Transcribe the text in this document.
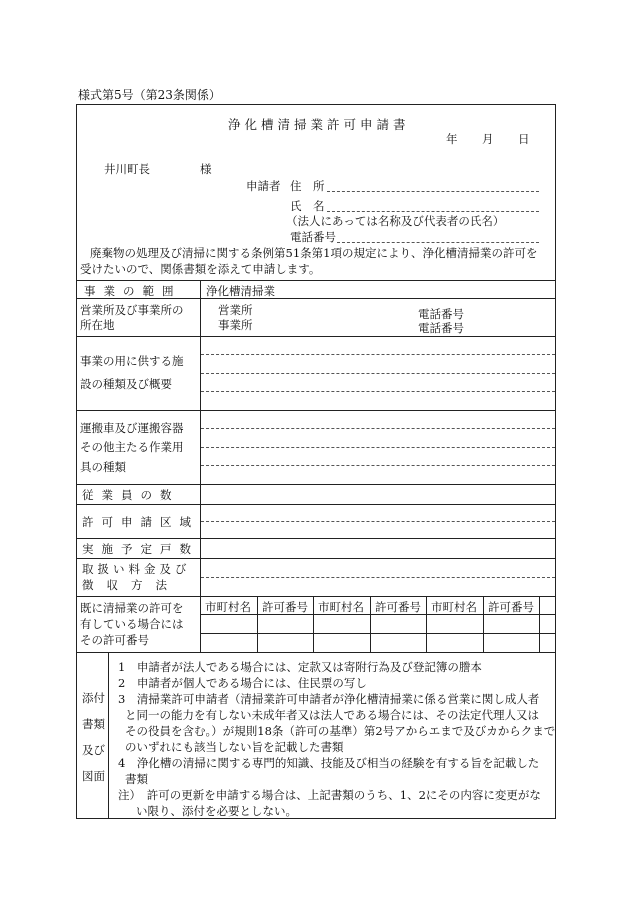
様式第5号（第23条関係）
浄化槽清掃業許可申請書
年 月 日
井川町長	様
申請者 住　所
氏　名
（法人にあっては名称及び代表者の氏名）
電話番号
廃棄物の処理及び清掃に関する条例第51条第1項の規定により、浄化槽清掃業の許可を
受けたいので、関係書類を添えて申請します。
事業の範囲 浄化槽清掃業
営業所及び事業所の
所在地
営業所
事業所
電話番号
電話番号
事業の用に供する施
設の種類及び概要
運搬車及び運搬容器
その他主たる作業用
具の種類
従業員の数
許可申請区域
実施予定戸数
取扱い料金及び
徴収方法
既に清掃業の許可を
有している場合には
その許可番号
市町村名 許可番号 市町村名 許可番号 市町村名 許可番号
添付
書類
及び
図面
1　申請者が法人である場合には、定款又は寄附行為及び登記簿の謄本
2　申請者が個人である場合には、住民票の写し
3　清掃業許可申請者（清掃業許可申請者が浄化槽清掃業に係る営業に関し成人者
と同一の能力を有しない未成年者又は法人である場合には、その法定代理人又は
その役員を含む。）が規則18条（許可の基準）第2号アからエまで及びカからクまで
のいずれにも該当しない旨を記載した書類
4　浄化槽の清掃に関する専門的知識、技能及び相当の経験を有する旨を記載した
書類
注）　許可の更新を申請する場合は、上記書類のうち、1、2にその内容に変更がな
い限り、添付を必要としない。
